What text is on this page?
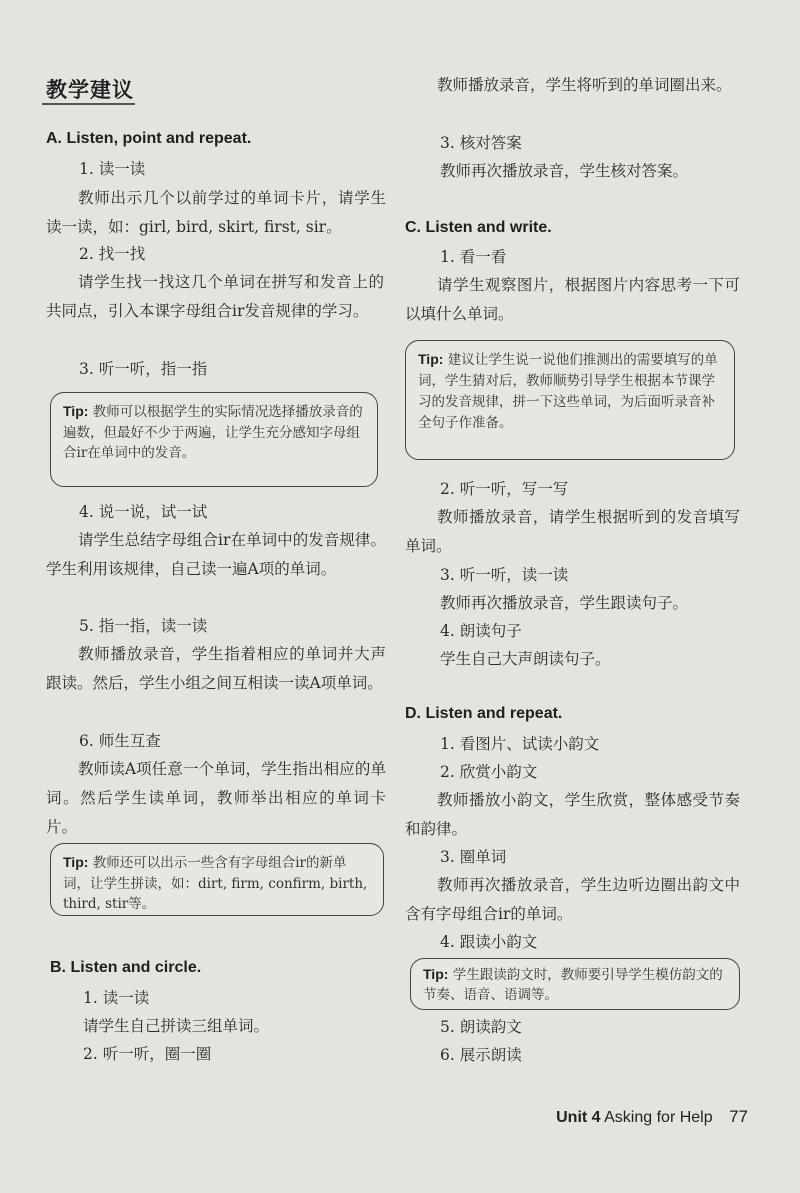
教学建议
A. Listen, point and repeat.
1. 读一读
教师出示几个以前学过的单词卡片，请学生读一读，如：girl, bird, skirt, first, sir。
2. 找一找
请学生找一找这几个单词在拼写和发音上的共同点，引入本课字母组合ir发音规律的学习。
3. 听一听，指一指
Tip: 教师可以根据学生的实际情况选择播放录音的遍数，但最好不少于两遍，让学生充分感知字母组合ir在单词中的发音。
4. 说一说，试一试
请学生总结字母组合ir在单词中的发音规律。学生利用该规律，自己读一遍A项的单词。
5. 指一指，读一读
教师播放录音，学生指着相应的单词并大声跟读。然后，学生小组之间互相读一读A项单词。
6. 师生互查
教师读A项任意一个单词，学生指出相应的单词。然后学生读单词，教师举出相应的单词卡片。
Tip: 教师还可以出示一些含有字母组合ir的新单词，让学生拼读，如：dirt, firm, confirm, birth, third, stir等。
B. Listen and circle.
1. 读一读
请学生自己拼读三组单词。
2. 听一听，圈一圈
教师播放录音，学生将听到的单词圈出来。
3. 核对答案
教师再次播放录音，学生核对答案。
C. Listen and write.
1. 看一看
请学生观察图片，根据图片内容思考一下可以填什么单词。
Tip: 建议让学生说一说他们推测出的需要填写的单词，学生猜对后，教师顺势引导学生根据本节课学习的发音规律，拼一下这些单词，为后面听录音补全句子作准备。
2. 听一听，写一写
教师播放录音，请学生根据听到的发音填写单词。
3. 听一听，读一读
教师再次播放录音，学生跟读句子。
4. 朗读句子
学生自己大声朗读句子。
D. Listen and repeat.
1. 看图片、试读小韵文
2. 欣赏小韵文
教师播放小韵文，学生欣赏，整体感受节奏和韵律。
3. 圈单词
教师再次播放录音，学生边听边圈出韵文中含有字母组合ir的单词。
4. 跟读小韵文
Tip: 学生跟读韵文时，教师要引导学生模仿韵文的节奏、语音、语调等。
5. 朗读韵文
6. 展示朗读
Unit 4 Asking for Help 77
